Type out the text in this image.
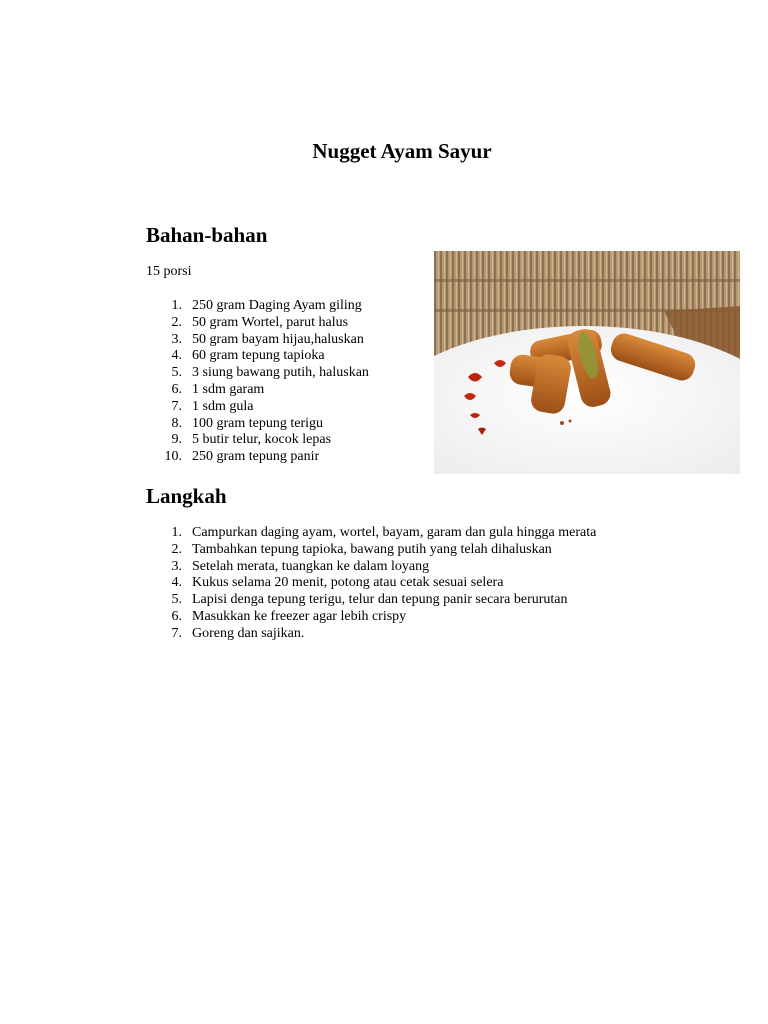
Nugget Ayam Sayur
Bahan-bahan
15 porsi
1. 250 gram Daging Ayam giling
2. 50 gram Wortel, parut halus
3. 50 gram bayam hijau,haluskan
4. 60 gram tepung tapioka
5. 3 siung bawang putih, haluskan
6. 1 sdm garam
7. 1 sdm gula
8. 100 gram tepung terigu
9. 5 butir telur, kocok lepas
10. 250 gram tepung panir
Langkah
1. Campurkan daging ayam, wortel, bayam, garam dan gula hingga merata
2. Tambahkan tepung tapioka, bawang putih yang telah dihaluskan
3. Setelah merata, tuangkan ke dalam loyang
4. Kukus selama 20 menit, potong atau cetak sesuai selera
5. Lapisi denga tepung terigu, telur dan tepung panir secara berurutan
6. Masukkan ke freezer agar lebih crispy
7. Goreng dan sajikan.
